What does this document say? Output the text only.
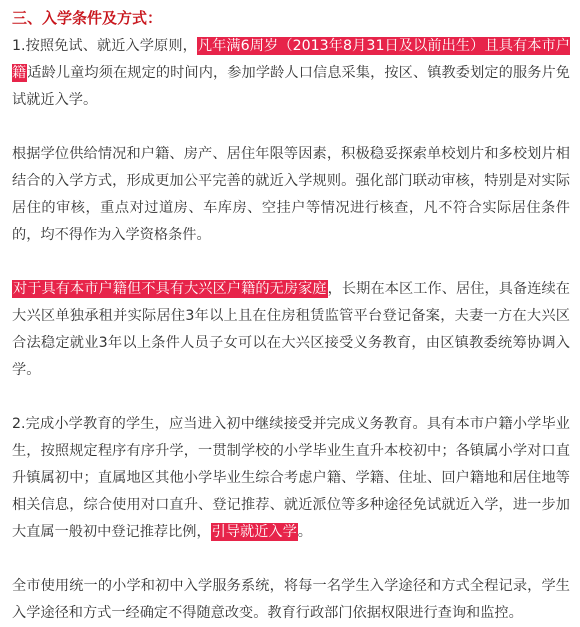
三、入学条件及方式：

1.按照免试、就近入学原则，凡年满6周岁（2013年8月31日及以前出生）且具有本市户籍适龄儿童均须在规定的时间内，参加学龄人口信息采集，按区、镇教委划定的服务片免试就近入学。

根据学位供给情况和户籍、房产、居住年限等因素，积极稳妥探索单校划片和多校划片相结合的入学方式，形成更加公平完善的就近入学规则。强化部门联动审核，特别是对实际居住的审核，重点对过道房、车库房、空挂户等情况进行核查，凡不符合实际居住条件的，均不得作为入学资格条件。

对于具有本市户籍但不具有大兴区户籍的无房家庭，长期在本区工作、居住，具备连续在大兴区单独承租并实际居住3年以上且在住房租赁监管平台登记备案，夫妻一方在大兴区合法稳定就业3年以上条件人员子女可以在大兴区接受义务教育，由区镇教委统筹协调入学。

2.完成小学教育的学生，应当进入初中继续接受并完成义务教育。具有本市户籍小学毕业生，按照规定程序有序升学，一贯制学校的小学毕业生直升本校初中；各镇属小学对口直升镇属初中；直属地区其他小学毕业生综合考虑户籍、学籍、住址、回户籍地和居住地等相关信息，综合使用对口直升、登记推荐、就近派位等多种途径免试就近入学，进一步加大直属一般初中登记推荐比例，引导就近入学。

全市使用统一的小学和初中入学服务系统，将每一名学生入学途径和方式全程记录，学生入学途径和方式一经确定不得随意改变。教育行政部门依据权限进行查询和监控。
